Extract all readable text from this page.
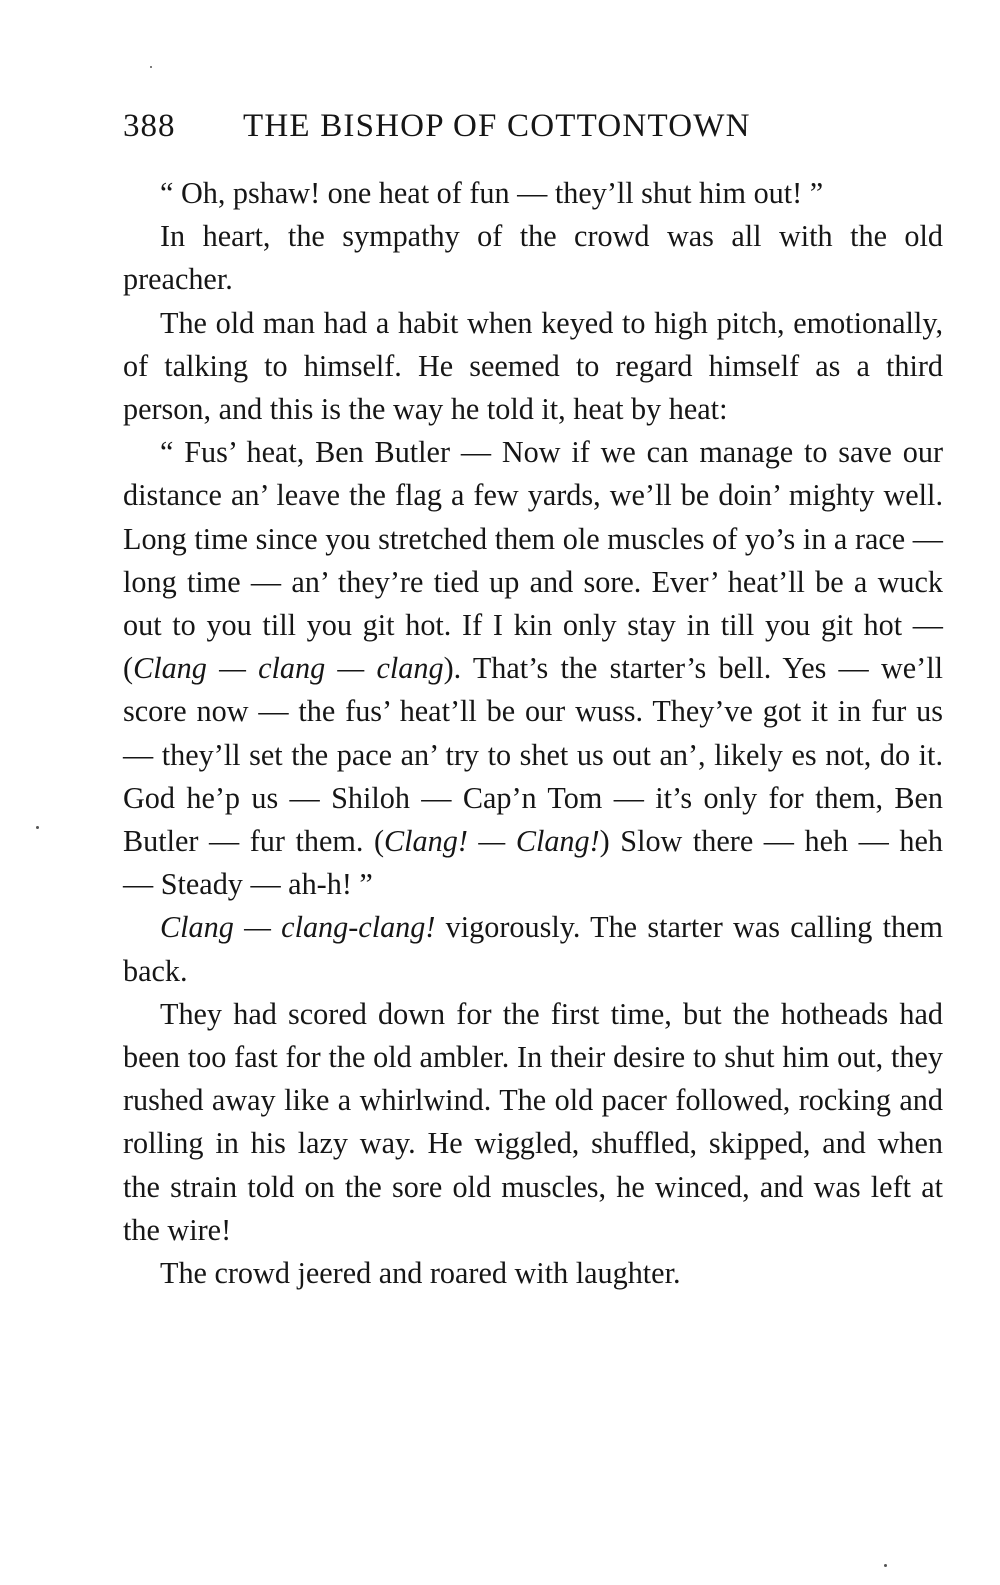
388	THE BISHOP OF COTTONTOWN

“ Oh, pshaw! one heat of fun — they’ll shut him out! ”

In heart, the sympathy of the crowd was all with the old preacher.

The old man had a habit when keyed to high pitch, emotionally, of talking to himself. He seemed to regard himself as a third person, and this is the way he told it, heat by heat:

“ Fus’ heat, Ben Butler — Now if we can manage to save our distance an’ leave the flag a few yards, we’ll be doin’ mighty well. Long time since you stretched them ole muscles of yo’s in a race — long time — an’ they’re tied up and sore. Ever’ heat’ll be a wuck out to you till you git hot. If I kin only stay in till you git hot — (Clang — clang — clang). That’s the starter’s bell. Yes — we’ll score now — the fus’ heat’ll be our wuss. They’ve got it in fur us — they’ll set the pace an’ try to shet us out an’, likely es not, do it. God he’p us — Shiloh — Cap’n Tom — it’s only for them, Ben Butler — fur them. (Clang! — Clang!) Slow there — heh — heh — Steady — ah-h! ”

Clang — clang-clang! vigorously. The starter was calling them back.

They had scored down for the first time, but the hotheads had been too fast for the old ambler. In their desire to shut him out, they rushed away like a whirlwind. The old pacer followed, rocking and rolling in his lazy way. He wiggled, shuffled, skipped, and when the strain told on the sore old muscles, he winced, and was left at the wire!

The crowd jeered and roared with laughter.
